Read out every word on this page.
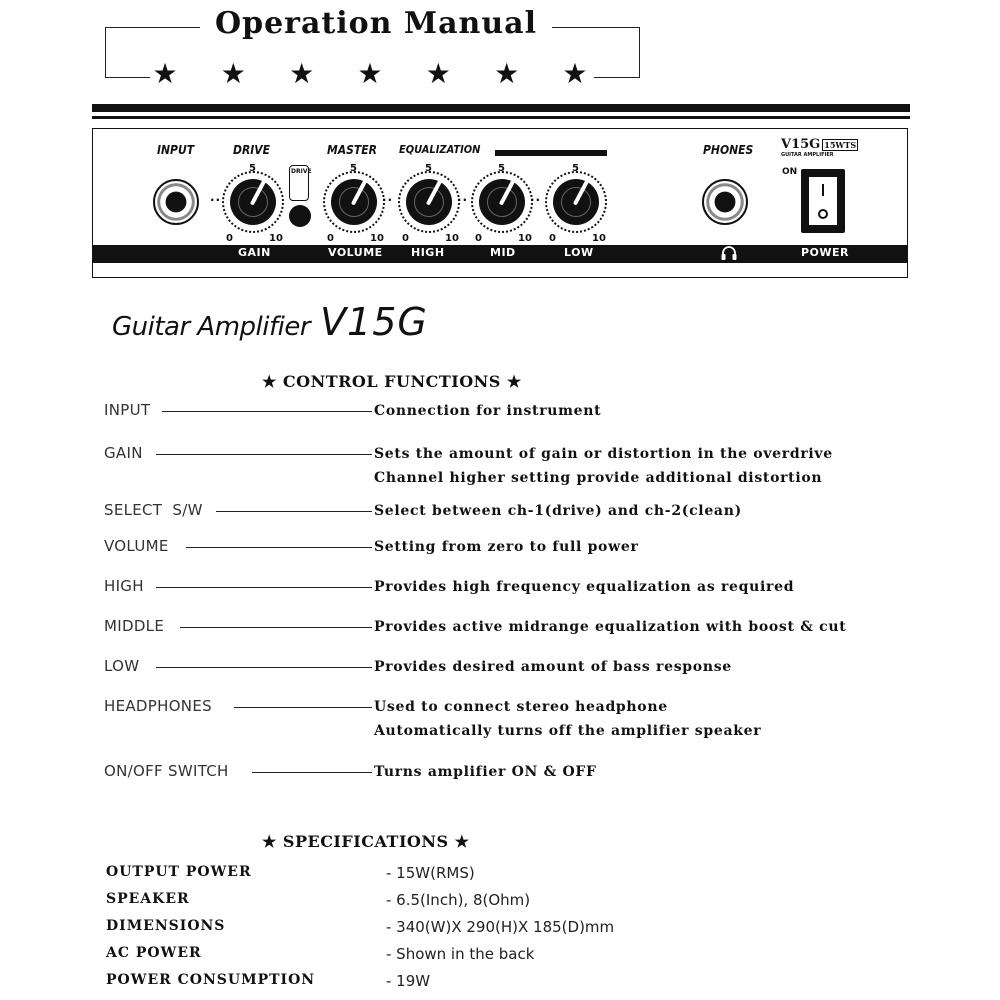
Operation Manual
★ ★ ★ ★ ★ ★ ★
INPUT	DRIVE	MASTER EQUALIZATION	PHONES
5
0	10
DRIVE	5
0	10
5
0	10
5
0	10
5
0	10
··	··	··	··
V15G 15WTS
GUITAR AMPLIFIER
ON
GAIN	VOLUME	HIGH	MID	LOW	POWER
Guitar Amplifier V15G
★ CONTROL FUNCTIONS ★
INPUT	Connection for instrument
GAIN	Sets the amount of gain or distortion in the overdrive
Channel higher setting provide additional distortion
SELECT  S/W	Select between ch-1(drive) and ch-2(clean)
VOLUME	Setting from zero to full power
HIGH	Provides high frequency equalization as required
MIDDLE	Provides active midrange equalization with boost & cut
LOW	Provides desired amount of bass response
HEADPHONES	Used to connect stereo headphone
Automatically turns off the amplifier speaker
ON/OFF SWITCH	Turns amplifier ON & OFF
★ SPECIFICATIONS ★
OUTPUT POWER	- 15W(RMS)
SPEAKER	- 6.5(Inch), 8(Ohm)
DIMENSIONS	- 340(W)X 290(H)X 185(D)mm
AC POWER	- Shown in the back
POWER CONSUMPTION	- 19W
